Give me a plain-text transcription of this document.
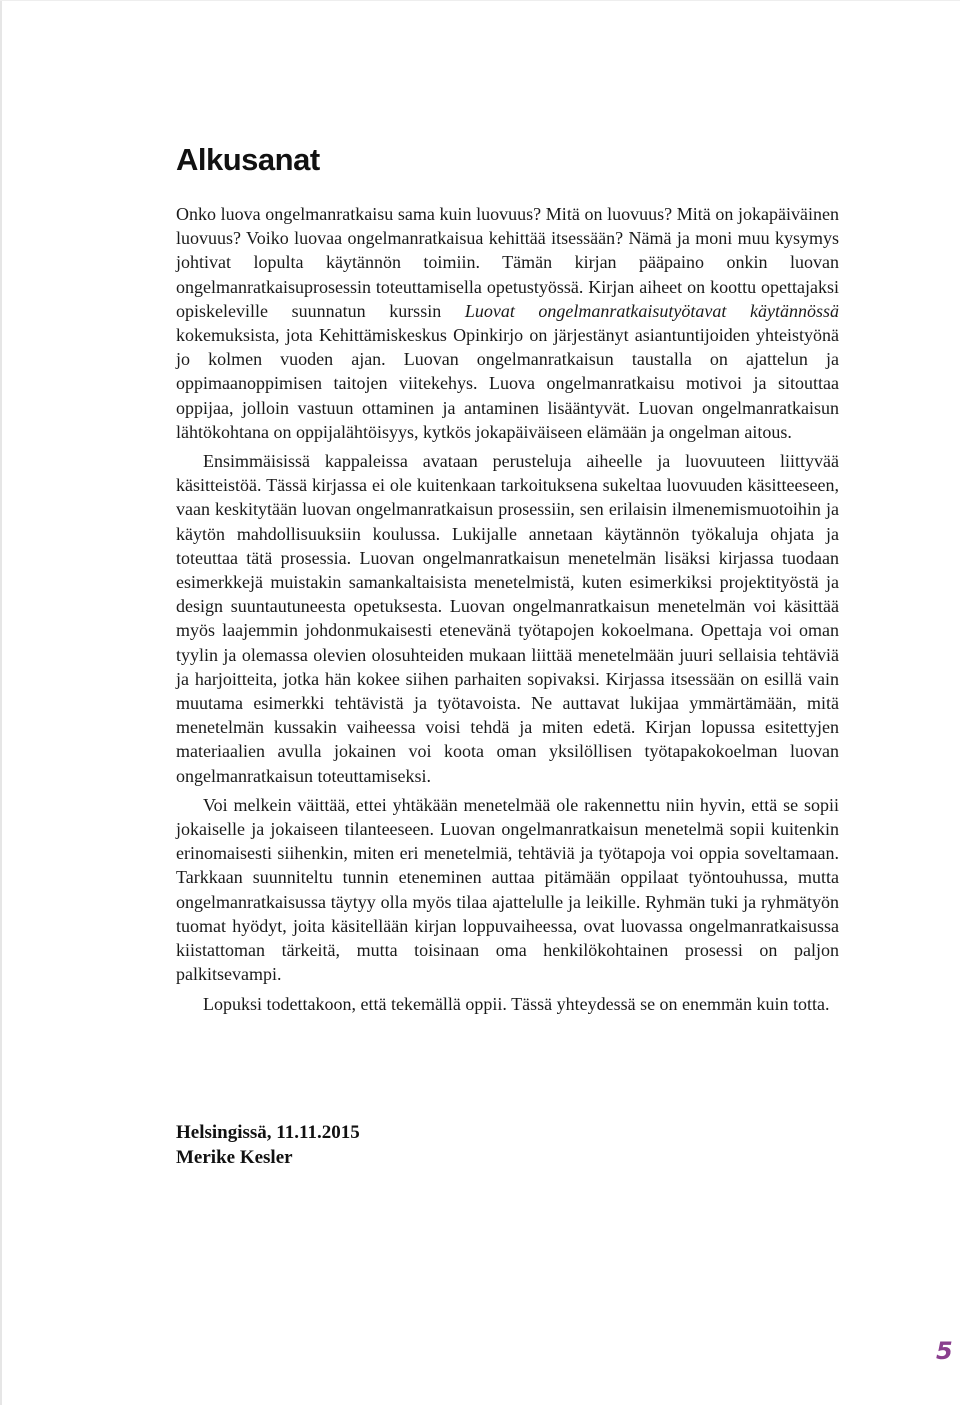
Alkusanat

Onko luova ongelmanratkaisu sama kuin luovuus? Mitä on luovuus? Mitä on jokapäiväinen luovuus? Voiko luovaa ongelmanratkaisua kehittää itsessään? Nämä ja moni muu kysymys johtivat lopulta käytännön toimiin. Tämän kirjan pääpaino onkin luovan ongelmanratkaisuprosessin toteuttamisella opetustyössä. Kirjan aiheet on koottu opettajaksi opiskeleville suunnatun kurssin Luovat ongelmanratkaisutyötavat käytännössä kokemuksista, jota Kehittämiskeskus Opinkirjo on järjestänyt asiantuntijoiden yhteistyönä jo kolmen vuoden ajan. Luovan ongelmanratkaisun taustalla on ajattelun ja oppimaanoppimisen taitojen viitekehys. Luova ongelmanratkaisu motivoi ja sitouttaa oppijaa, jolloin vastuun ottaminen ja antaminen lisääntyvät. Luovan ongelmanratkaisun lähtökohtana on oppijalähtöisyys, kytkös jokapäiväiseen elämään ja ongelman aitous.

Ensimmäisissä kappaleissa avataan perusteluja aiheelle ja luovuuteen liittyvää käsitteistöä. Tässä kirjassa ei ole kuitenkaan tarkoituksena sukeltaa luovuuden käsitteeseen, vaan keskitytään luovan ongelmanratkaisun prosessiin, sen erilaisin ilmenemismuotoihin ja käytön mahdollisuuksiin koulussa. Lukijalle annetaan käytännön työkaluja ohjata ja toteuttaa tätä prosessia. Luovan ongelmanratkaisun menetelmän lisäksi kirjassa tuodaan esimerkkejä muistakin samankaltaisista menetelmistä, kuten esimerkiksi projektityöstä ja design suuntautuneesta opetuksesta. Luovan ongelmanratkaisun menetelmän voi käsittää myös laajemmin johdonmukaisesti etenevänä työtapojen kokoelmana. Opettaja voi oman tyylin ja olemassa olevien olosuhteiden mukaan liittää menetelmään juuri sellaisia tehtäviä ja harjoitteita, jotka hän kokee siihen parhaiten sopivaksi. Kirjassa itsessään on esillä vain muutama esimerkki tehtävistä ja työtavoista. Ne auttavat lukijaa ymmärtämään, mitä menetelmän kussakin vaiheessa voisi tehdä ja miten edetä. Kirjan lopussa esitettyjen materiaalien avulla jokainen voi koota oman yksilöllisen työtapakokoelman luovan ongelmanratkaisun toteuttamiseksi.

Voi melkein väittää, ettei yhtäkään menetelmää ole rakennettu niin hyvin, että se sopii jokaiselle ja jokaiseen tilanteeseen. Luovan ongelmanratkaisun menetelmä sopii kuitenkin erinomaisesti siihenkin, miten eri menetelmiä, tehtäviä ja työtapoja voi oppia soveltamaan. Tarkkaan suunniteltu tunnin eteneminen auttaa pitämään oppilaat työntouhussa, mutta ongelmanratkaisussa täytyy olla myös tilaa ajattelulle ja leikille. Ryhmän tuki ja ryhmätyön tuomat hyödyt, joita käsitellään kirjan loppuvaiheessa, ovat luovassa ongelmanratkaisussa kiistattoman tärkeitä, mutta toisinaan oma henkilökohtainen prosessi on paljon palkitsevampi.

Lopuksi todettakoon, että tekemällä oppii. Tässä yhteydessä se on enemmän kuin totta.

Helsingissä, 11.11.2015
Merike Kesler
5
